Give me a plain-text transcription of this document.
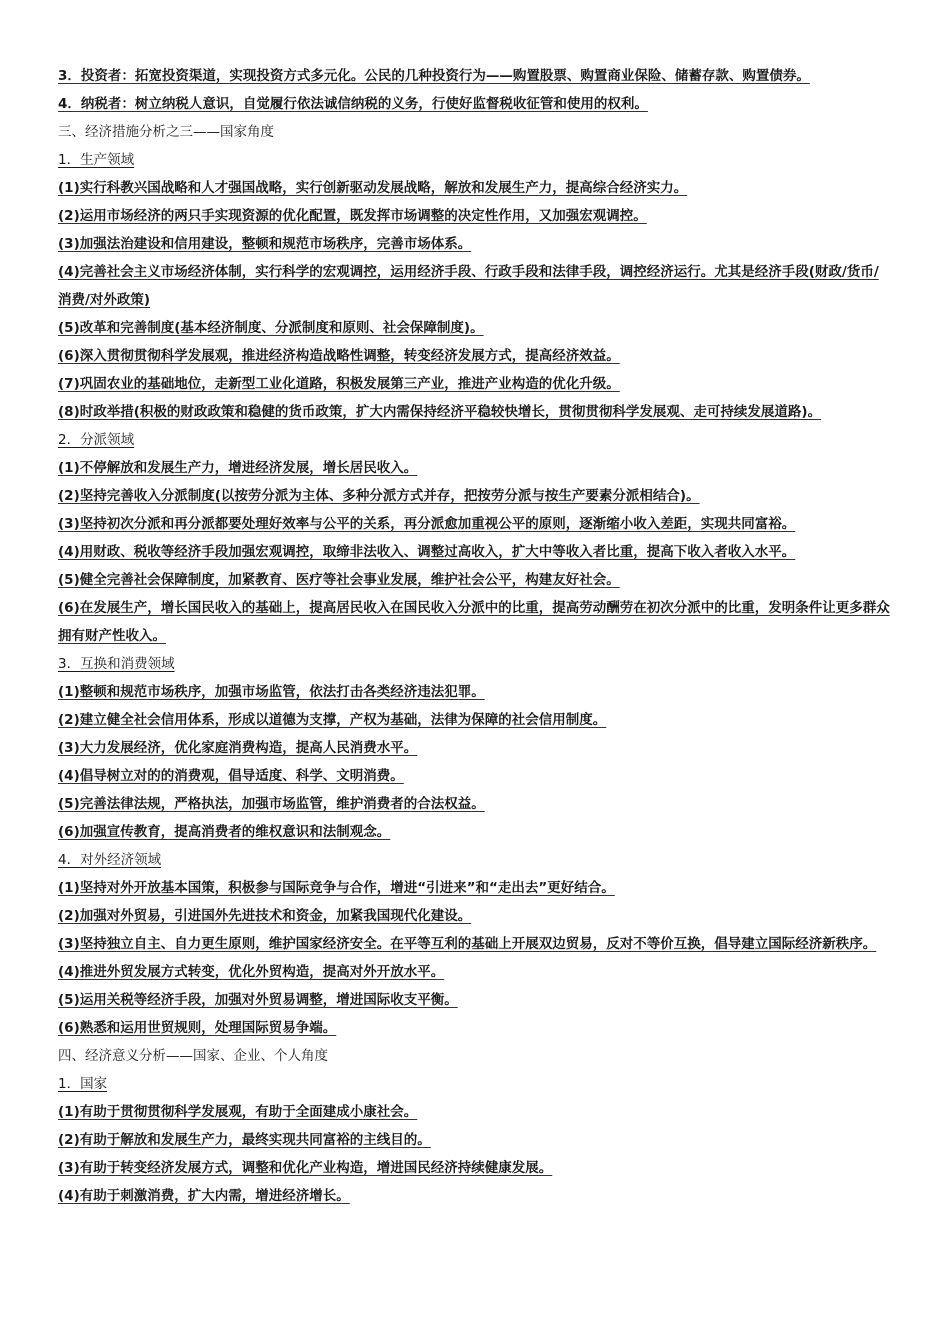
3．投资者：拓宽投资渠道，实现投资方式多元化。公民的几种投资行为——购置股票、购置商业保险、储蓄存款、购置债券。
4．纳税者：树立纳税人意识，自觉履行依法诚信纳税的义务，行使好监督税收征管和使用的权利。
三、经济措施分析之三——国家角度
1．生产领域
(1)实行科教兴国战略和人才强国战略，实行创新驱动发展战略，解放和发展生产力，提高综合经济实力。
(2)运用市场经济的两只手实现资源的优化配置，既发挥市场调整的决定性作用，又加强宏观调控。
(3)加强法治建设和信用建设，整顿和规范市场秩序，完善市场体系。
(4)完善社会主义市场经济体制，实行科学的宏观调控，运用经济手段、行政手段和法律手段，调控经济运行。尤其是经济手段(财政/货币/消费/对外政策)
(5)改革和完善制度(基本经济制度、分派制度和原则、社会保障制度)。
(6)深入贯彻贯彻科学发展观，推进经济构造战略性调整，转变经济发展方式，提高经济效益。
(7)巩固农业的基础地位，走新型工业化道路，积极发展第三产业，推进产业构造的优化升级。
(8)时政举措(积极的财政政策和稳健的货币政策，扩大内需保持经济平稳较快增长，贯彻贯彻科学发展观、走可持续发展道路)。
2．分派领域
(1)不停解放和发展生产力，增进经济发展，增长居民收入。
(2)坚持完善收入分派制度(以按劳分派为主体、多种分派方式并存，把按劳分派与按生产要素分派相结合)。
(3)坚持初次分派和再分派都要处理好效率与公平的关系，再分派愈加重视公平的原则，逐渐缩小收入差距，实现共同富裕。
(4)用财政、税收等经济手段加强宏观调控，取缔非法收入、调整过高收入，扩大中等收入者比重，提高下收入者收入水平。
(5)健全完善社会保障制度，加紧教育、医疗等社会事业发展，维护社会公平，构建友好社会。
(6)在发展生产，增长国民收入的基础上，提高居民收入在国民收入分派中的比重，提高劳动酬劳在初次分派中的比重，发明条件让更多群众拥有财产性收入。
3．互换和消费领域
(1)整顿和规范市场秩序，加强市场监管，依法打击各类经济违法犯罪。
(2)建立健全社会信用体系，形成以道德为支撑，产权为基础，法律为保障的社会信用制度。
(3)大力发展经济，优化家庭消费构造，提高人民消费水平。
(4)倡导树立对的的消费观，倡导适度、科学、文明消费。
(5)完善法律法规，严格执法，加强市场监管，维护消费者的合法权益。
(6)加强宣传教育，提高消费者的维权意识和法制观念。
4．对外经济领域
(1)坚持对外开放基本国策，积极参与国际竞争与合作，增进“引进来”和“走出去”更好结合。
(2)加强对外贸易，引进国外先进技术和资金，加紧我国现代化建设。
(3)坚持独立自主、自力更生原则，维护国家经济安全。在平等互利的基础上开展双边贸易，反对不等价互换，倡导建立国际经济新秩序。
(4)推进外贸发展方式转变，优化外贸构造，提高对外开放水平。
(5)运用关税等经济手段，加强对外贸易调整，增进国际收支平衡。
(6)熟悉和运用世贸规则，处理国际贸易争端。
四、经济意义分析——国家、企业、个人角度
1．国家
(1)有助于贯彻贯彻科学发展观，有助于全面建成小康社会。
(2)有助于解放和发展生产力，最终实现共同富裕的主线目的。
(3)有助于转变经济发展方式，调整和优化产业构造，增进国民经济持续健康发展。
(4)有助于刺激消费，扩大内需，增进经济增长。
